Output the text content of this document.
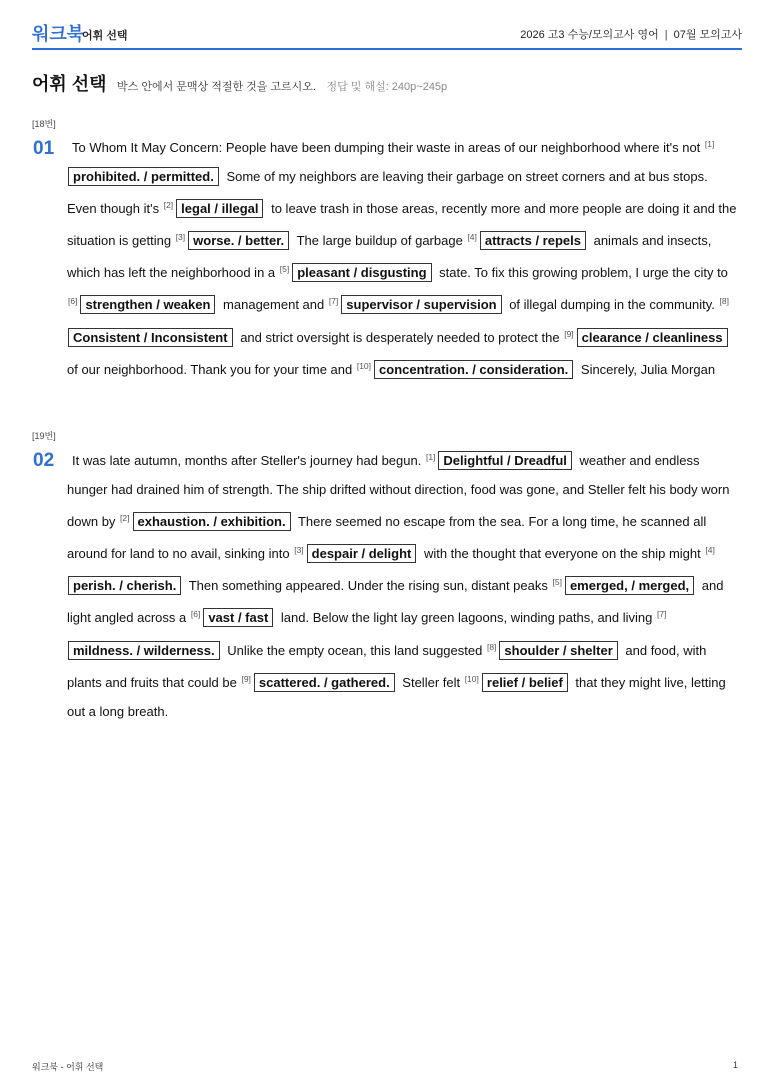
워크북
어휘 선택	2026 고3 수능/모의고사 영어 | 07월 모의고사
어휘 선택 박스 안에서 문맥상 적절한 것을 고르시오. 정답 및 해설: 240p~245p
[18번]
01	To Whom It May Concern: People have been dumping their waste in areas of our neighborhood where it's not [1]prohibited. / permitted. Some of my neighbors are leaving their garbage on street corners and at bus stops. Even though it's [2] legal / illegal to leave trash in those areas, recently more and more people are doing it and the situation is getting [3] worse. / better. The large buildup of garbage [4] attracts / repels animals and insects, which has left the neighborhood in a [5] pleasant / disgusting state. To fix this growing problem, I urge the city to [6] strengthen / weaken management and [7] supervisor / supervision of illegal dumping in the community. [8]Consistent / Inconsistent and strict oversight is desperately needed to protect the [9] clearance / cleanliness of our neighborhood. Thank you for your time and [10] concentration. / consideration. Sincerely, Julia Morgan
[19번]
02	It was late autumn, months after Steller's journey had begun. [1] Delightful / Dreadful weather and endless hunger had drained him of strength. The ship drifted without direction, food was gone, and Steller felt his body worn down by [2] exhaustion. / exhibition. There seemed no escape from the sea. For a long time, he scanned all around for land to no avail, sinking into [3] despair / delight with the thought that everyone on the ship might [4]perish. / cherish. Then something appeared. Under the rising sun, distant peaks [5] emerged, / merged, and light angled across a [6] vast / fast land. Below the light lay green lagoons, winding paths, and living [7]mildness. / wilderness. Unlike the empty ocean, this land suggested [8] shoulder / shelter and food, with plants and fruits that could be [9] scattered. / gathered. Steller felt [10] relief / belief that they might live, letting out a long breath.
워크북 - 어휘 선택	1
